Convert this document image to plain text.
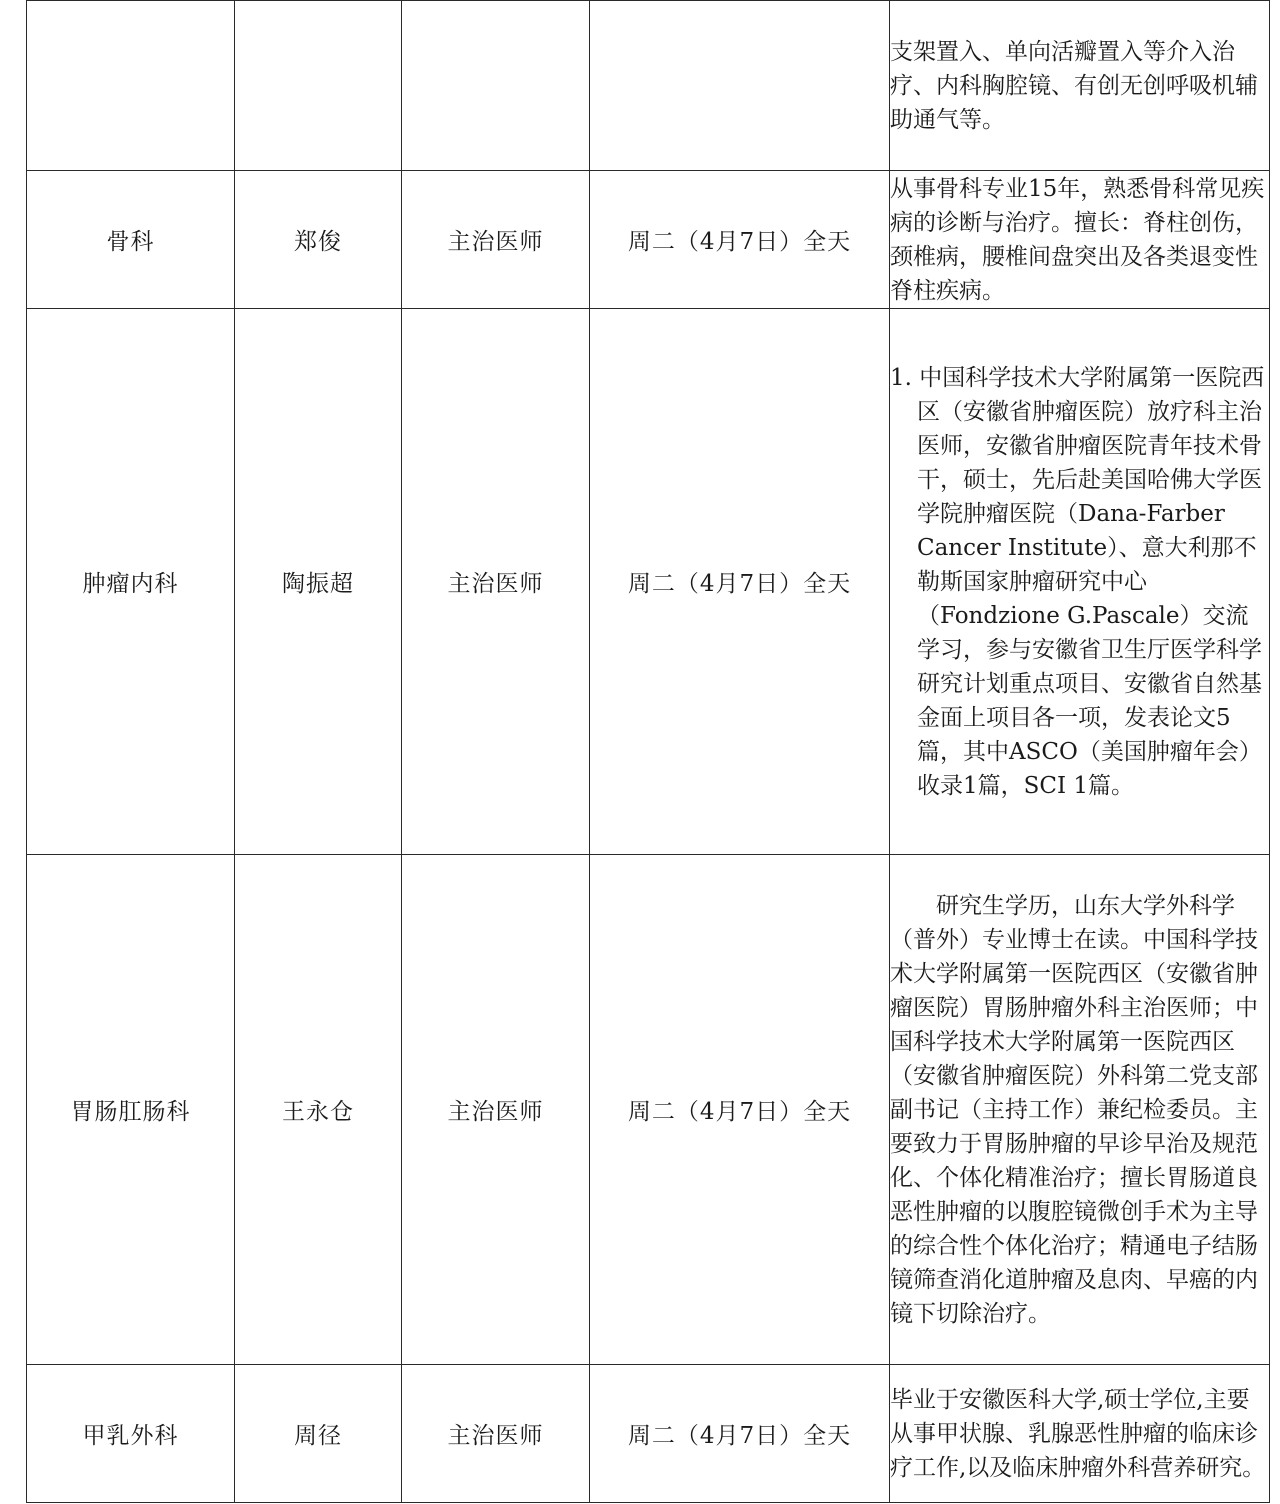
				支架置入、单向活瓣置入等介入治疗、内科胸腔镜、有创无创呼吸机辅助通气等。

骨科	郑俊	主治医师	周二（4月7日）全天	从事骨科专业15年，熟悉骨科常见疾病的诊断与治疗。擅长：脊柱创伤，颈椎病，腰椎间盘突出及各类退变性脊柱疾病。

肿瘤内科	陶振超	主治医师	周二（4月7日）全天	1. 中国科学技术大学附属第一医院西区（安徽省肿瘤医院）放疗科主治医师，安徽省肿瘤医院青年技术骨干，硕士，先后赴美国哈佛大学医学院肿瘤医院（Dana-Farber Cancer Institute）、意大利那不勒斯国家肿瘤研究中心（Fondzione G.Pascale）交流学习，参与安徽省卫生厅医学科学研究计划重点项目、安徽省自然基金面上项目各一项，发表论文5篇，其中ASCO（美国肿瘤年会）收录1篇，SCI 1篇。

胃肠肛肠科	王永仓	主治医师	周二（4月7日）全天	研究生学历，山东大学外科学（普外）专业博士在读。中国科学技术大学附属第一医院西区（安徽省肿瘤医院）胃肠肿瘤外科主治医师；中国科学技术大学附属第一医院西区（安徽省肿瘤医院）外科第二党支部副书记（主持工作）兼纪检委员。主要致力于胃肠肿瘤的早诊早治及规范化、个体化精准治疗；擅长胃肠道良恶性肿瘤的以腹腔镜微创手术为主导的综合性个体化治疗；精通电子结肠镜筛查消化道肿瘤及息肉、早癌的内镜下切除治疗。

甲乳外科	周径	主治医师	周二（4月7日）全天	毕业于安徽医科大学,硕士学位,主要从事甲状腺、乳腺恶性肿瘤的临床诊疗工作,以及临床肿瘤外科营养研究。
